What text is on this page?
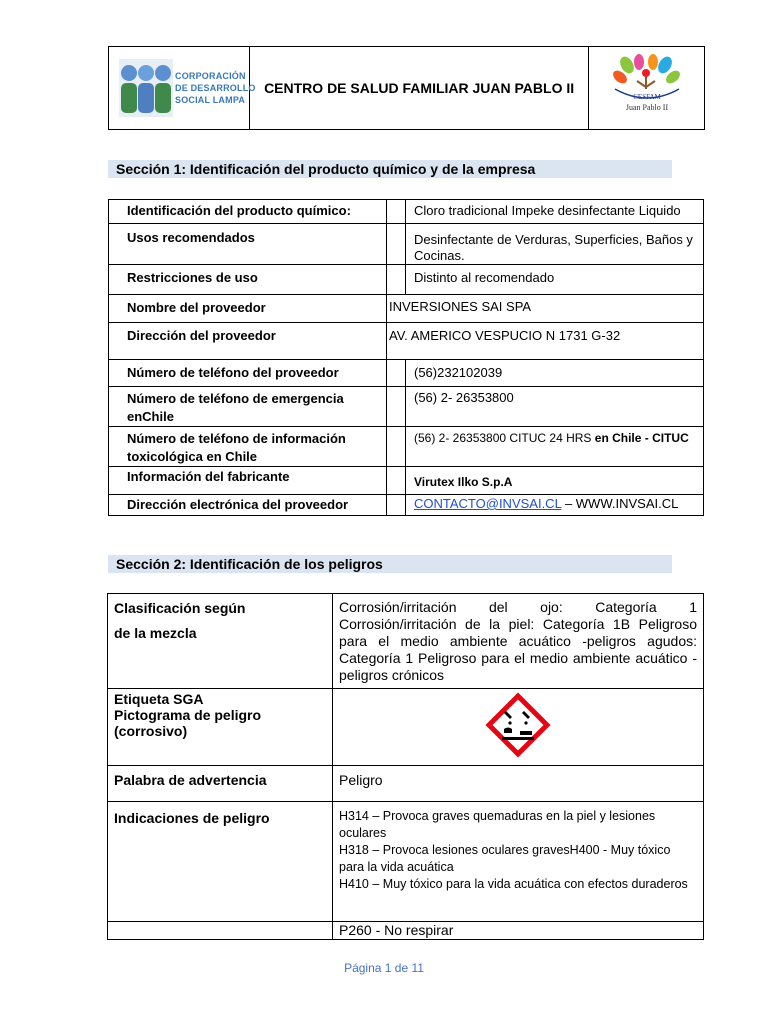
CORPORACIÓN
DE DESARROLLO
SOCIAL LAMPA

CENTRO DE SALUD FAMILIAR JUAN PABLO II

CESFAM
Juan Pablo II
Sección 1: Identificación del producto químico y de la empresa
Identificación del producto químico:		Cloro tradicional Impeke desinfectante Liquido
Usos recomendados		Desinfectante de Verduras, Superficies, Baños y Cocinas.
Restricciones de uso		Distinto al recomendado
Nombre del proveedor	INVERSIONES SAI SPA	
Dirección del proveedor	AV. AMERICO VESPUCIO N 1731 G-32	
Número de teléfono del proveedor		(56)232102039
Número de teléfono de emergencia enChile		(56) 2- 26353800
Número de teléfono de información toxicológica en Chile		(56) 2- 26353800 CITUC 24 HRS en Chile - CITUC
Información del fabricante		Virutex Ilko S.p.A
Dirección electrónica del proveedor		CONTACTO@INVSAI.CL – WWW.INVSAI.CL
Sección 2: Identificación de los peligros
Clasificación según
de la mezcla	Corrosión/irritación del ojo: Categoría 1 Corrosión/irritación de la piel: Categoría 1B Peligroso para el medio ambiente acuático -peligros agudos: Categoría 1 Peligroso para el medio ambiente acuático -peligros crónicos

Etiqueta SGA
Pictograma de peligro
(corrosivo)

Palabra de advertencia	Peligro
Indicaciones de peligro	H314 – Provoca graves quemaduras en la piel y lesiones oculares
H318 – Provoca lesiones oculares gravesH400 - Muy tóxico para la vida acuática
H410 – Muy tóxico para la vida acuática con efectos duraderos

	P260 - No respirar
Página 1 de 11
